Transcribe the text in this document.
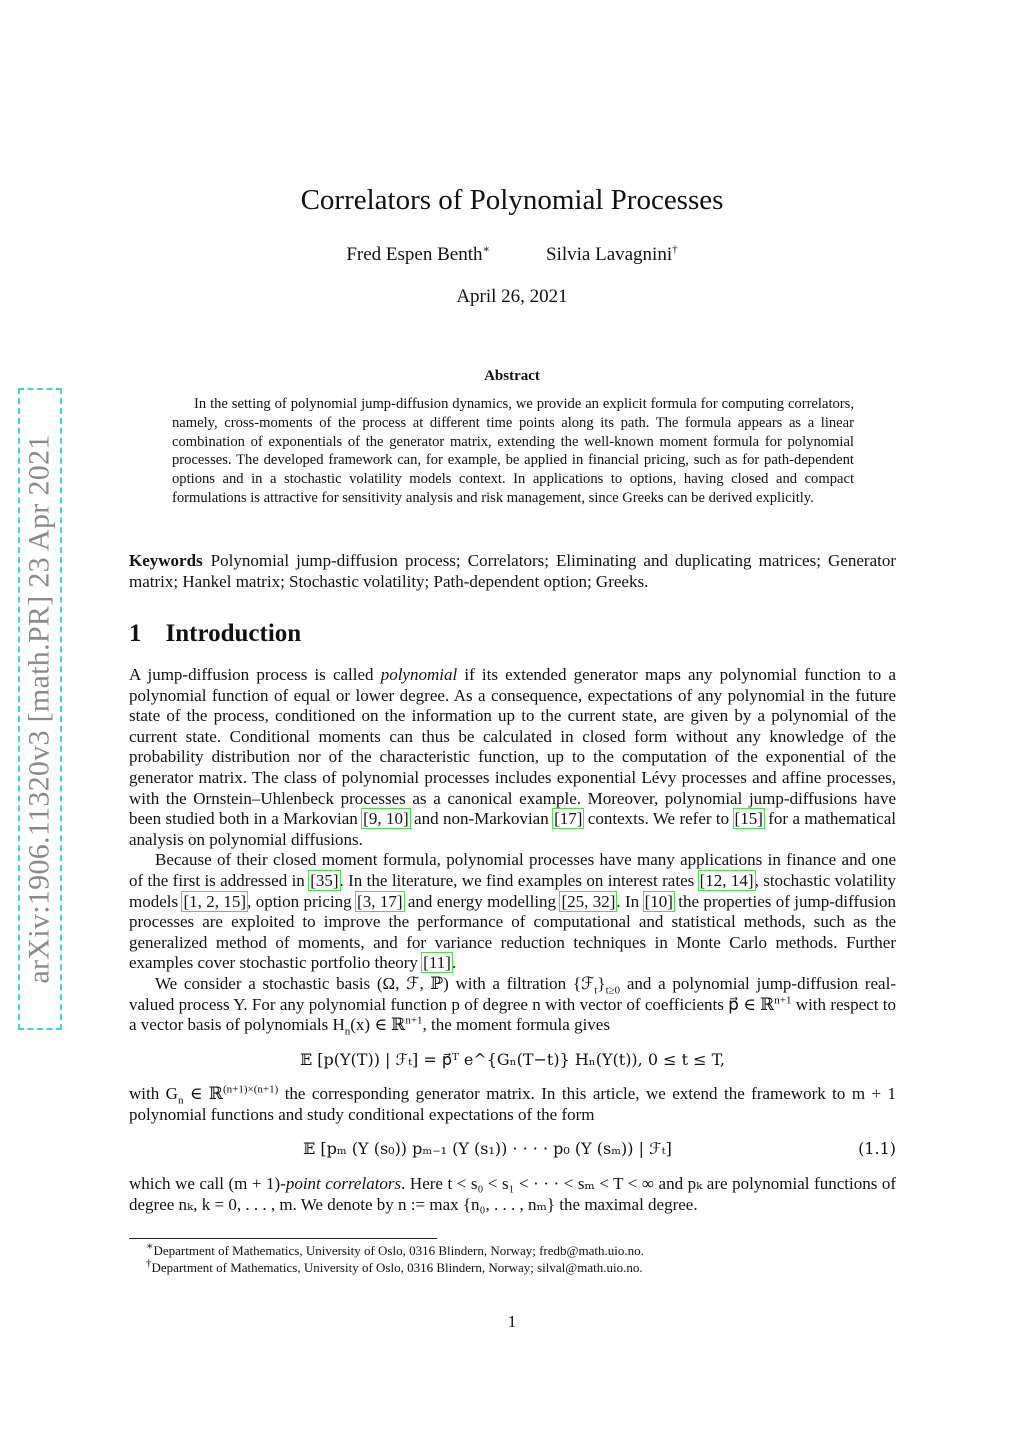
arXiv:1906.11320v3 [math.PR] 23 Apr 2021
Correlators of Polynomial Processes
Fred Espen Benth∗	Silvia Lavagnini†
April 26, 2021
Abstract
In the setting of polynomial jump-diffusion dynamics, we provide an explicit formula for computing correlators, namely, cross-moments of the process at different time points along its path. The formula appears as a linear combination of exponentials of the generator matrix, extending the well-known moment formula for polynomial processes. The developed framework can, for example, be applied in financial pricing, such as for path-dependent options and in a stochastic volatility models context. In applications to options, having closed and compact formulations is attractive for sensitivity analysis and risk management, since Greeks can be derived explicitly.
Keywords Polynomial jump-diffusion process; Correlators; Eliminating and duplicating matrices; Generator matrix; Hankel matrix; Stochastic volatility; Path-dependent option; Greeks.
1 Introduction

A jump-diffusion process is called polynomial if its extended generator maps any polynomial function to a polynomial function of equal or lower degree. As a consequence, expectations of any polynomial in the future state of the process, conditioned on the information up to the current state, are given by a polynomial of the current state. Conditional moments can thus be calculated in closed form without any knowledge of the probability distribution nor of the characteristic function, up to the computation of the exponential of the generator matrix. The class of polynomial processes includes exponential Lévy processes and affine processes, with the Ornstein–Uhlenbeck processes as a canonical example. Moreover, polynomial jump-diffusions have been studied both in a Markovian [9, 10] and non-Markovian [17] contexts. We refer to [15] for a mathematical analysis on polynomial diffusions.

Because of their closed moment formula, polynomial processes have many applications in finance and one of the first is addressed in [35]. In the literature, we find examples on interest rates [12, 14], stochastic volatility models [1, 2, 15], option pricing [3, 17] and energy modelling [25, 32]. In [10] the properties of jump-diffusion processes are exploited to improve the performance of computational and statistical methods, such as the generalized method of moments, and for variance reduction techniques in Monte Carlo methods. Further examples cover stochastic portfolio theory [11].

We consider a stochastic basis (Ω, ℱ, ℙ) with a filtration $\{ℱ_t\}_{t\ge 0}$ and a polynomial jump-diffusion real-valued process Y. For any polynomial function p of degree n with vector of coefficients p⃗ ∈ ℝ$^{n+1}$ with respect to a vector basis of polynomials $H_n(x)$ ∈ ℝ$^{n+1}$, the moment formula gives

𝔼 [p(Y(T)) | ℱₜ] = p⃗ᵀ e^{Gₙ(T−t)} Hₙ(Y(t)), 0 ≤ t ≤ T,

with $G_n$ ∈ ℝ$^{(n+1)\times(n+1)}$ the corresponding generator matrix. In this article, we extend the framework to m + 1 polynomial functions and study conditional expectations of the form

𝔼 [pₘ (Y (s₀)) pₘ₋₁ (Y (s₁)) · · · · p₀ (Y (sₘ)) | ℱₜ]	(1.1)

which we call (m + 1)-point correlators. Here t < s₀ < s₁ < · · · < sₘ < T < ∞ and pₖ are polynomial functions of degree nₖ, k = 0, . . . , m. We denote by n := max {n₀, . . . , nₘ} the maximal degree.

∗Department of Mathematics, University of Oslo, 0316 Blindern, Norway; fredb@math.uio.no.
†Department of Mathematics, University of Oslo, 0316 Blindern, Norway; silval@math.uio.no.
1
